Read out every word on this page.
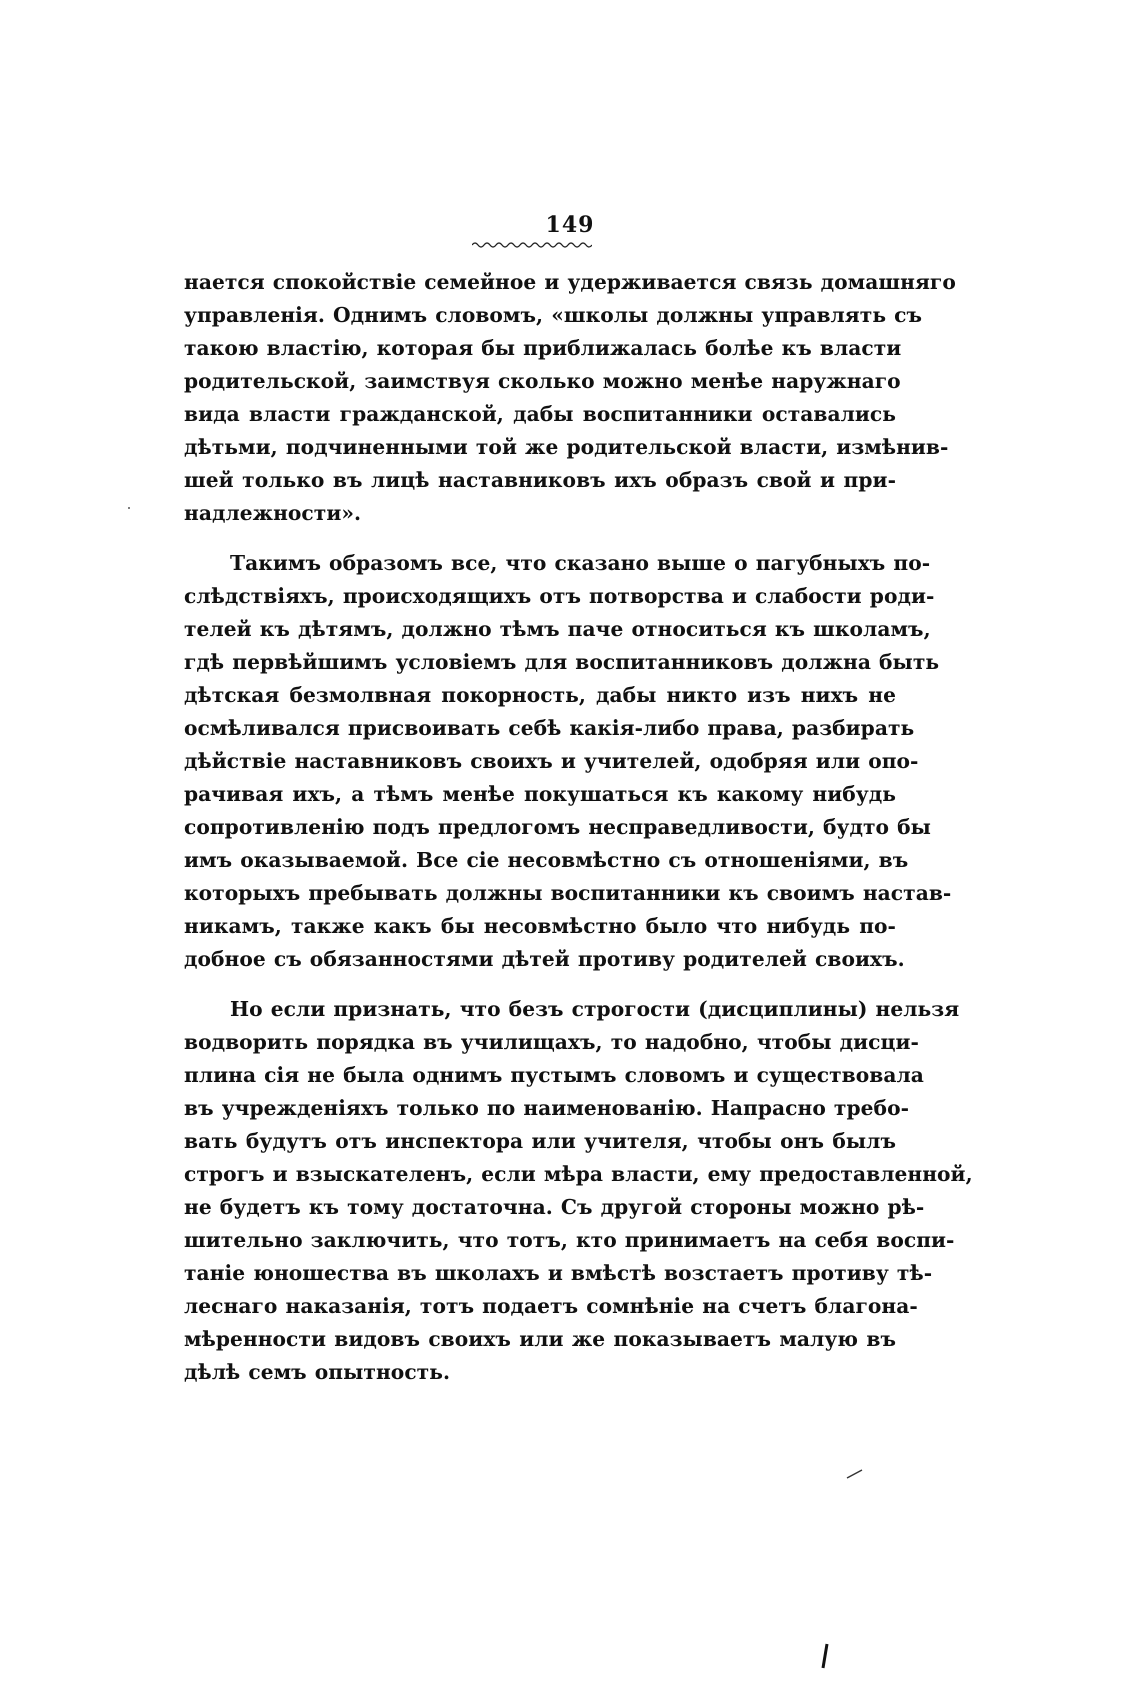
149
нается спокойствіе семейное и удерживается связь домашняго
управленія. Однимъ словомъ, «школы должны управлять съ
такою властію, которая бы приближалась болѣе къ власти
родительской, заимствуя сколько можно менѣе наружнаго
вида власти гражданской, дабы воспитанники оставались
дѣтьми, подчиненными той же родительской власти, измѣнив-
шей только въ лицѣ наставниковъ ихъ образъ свой и при-
надлежности».
Такимъ образомъ все, что сказано выше о пагубныхъ по-
слѣдствіяхъ, происходящихъ отъ потворства и слабости роди-
телей къ дѣтямъ, должно тѣмъ паче относиться къ школамъ,
гдѣ первѣйшимъ условіемъ для воспитанниковъ должна быть
дѣтская безмолвная покорность, дабы никто изъ нихъ не
осмѣливался присвоивать себѣ какія-либо права, разбирать
дѣйствіе наставниковъ своихъ и учителей, одобряя или опо-
рачивая ихъ, а тѣмъ менѣе покушаться къ какому нибудь
сопротивленію подъ предлогомъ несправедливости, будто бы
имъ оказываемой. Все сіе несовмѣстно съ отношеніями, въ
которыхъ пребывать должны воспитанники къ своимъ настав-
никамъ, также какъ бы несовмѣстно было что нибудь по-
добное съ обязанностями дѣтей противу родителей своихъ.
Но если признать, что безъ строгости (дисциплины) нельзя
водворить порядка въ училищахъ, то надобно, чтобы дисци-
плина сія не была однимъ пустымъ словомъ и существовала
въ учрежденіяхъ только по наименованію. Напрасно требо-
вать будутъ отъ инспектора или учителя, чтобы онъ былъ
строгъ и взыскателенъ, если мѣра власти, ему предоставленной,
не будетъ къ тому достаточна. Съ другой стороны можно рѣ-
шительно заключить, что тотъ, кто принимаетъ на себя воспи-
таніе юношества въ школахъ и вмѣстѣ возстаетъ противу тѣ-
леснаго наказанія, тотъ подаетъ сомнѣніе на счетъ благона-
мѣренности видовъ своихъ или же показываетъ малую въ
дѣлѣ семъ опытность.
